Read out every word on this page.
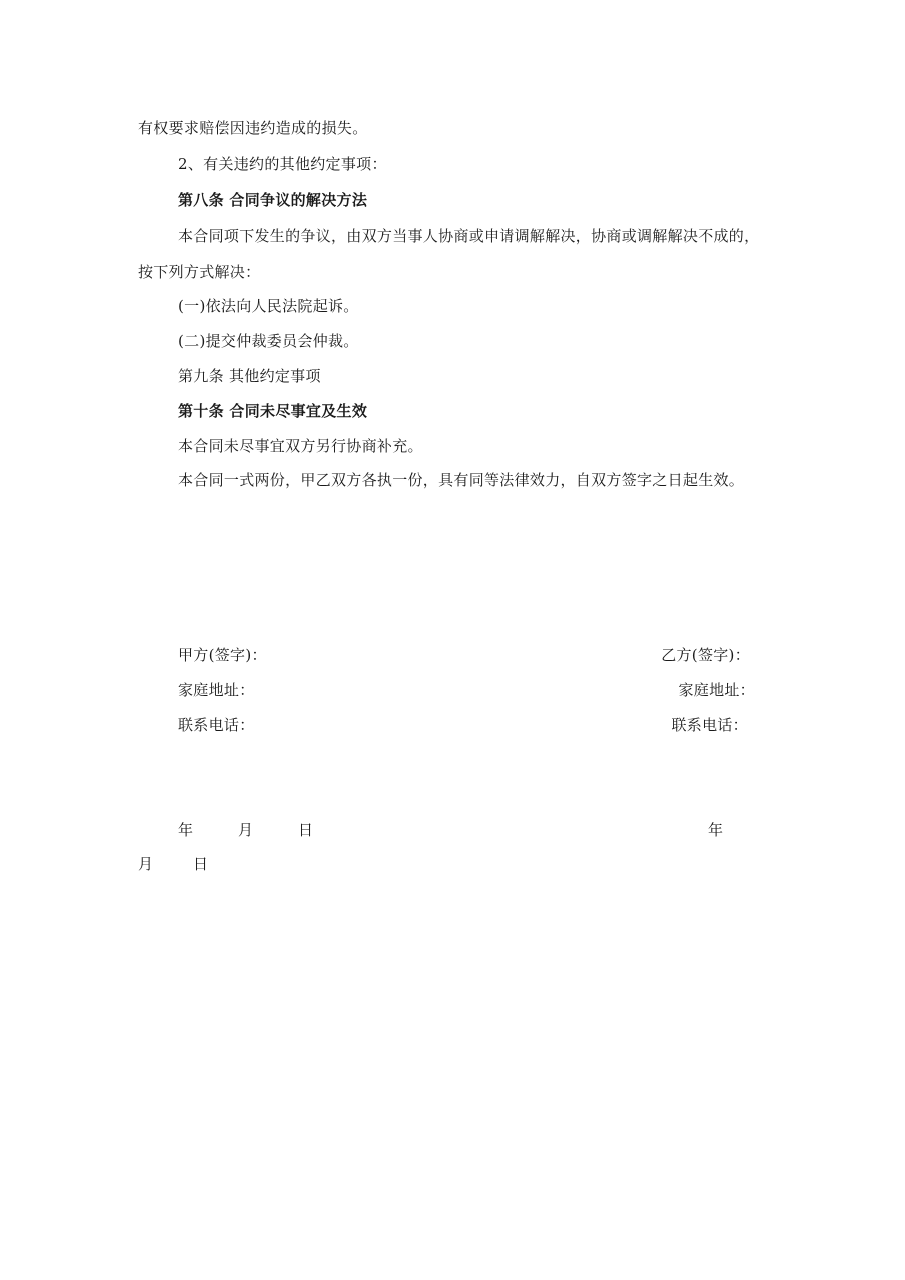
有权要求赔偿因违约造成的损失。
2、有关违约的其他约定事项：
第八条 合同争议的解决方法
本合同项下发生的争议，由双方当事人协商或申请调解解决，协商或调解解决不成的，
按下列方式解决：
(一)依法向人民法院起诉。
(二)提交仲裁委员会仲裁。
第九条 其他约定事项
第十条 合同未尽事宜及生效
本合同未尽事宜双方另行协商补充。
本合同一式两份，甲乙双方各执一份，具有同等法律效力，自双方签字之日起生效。
甲方(签字)：	乙方(签字)：
家庭地址：	家庭地址：
联系电话：	联系电话：
年	月	日	年
月	日
